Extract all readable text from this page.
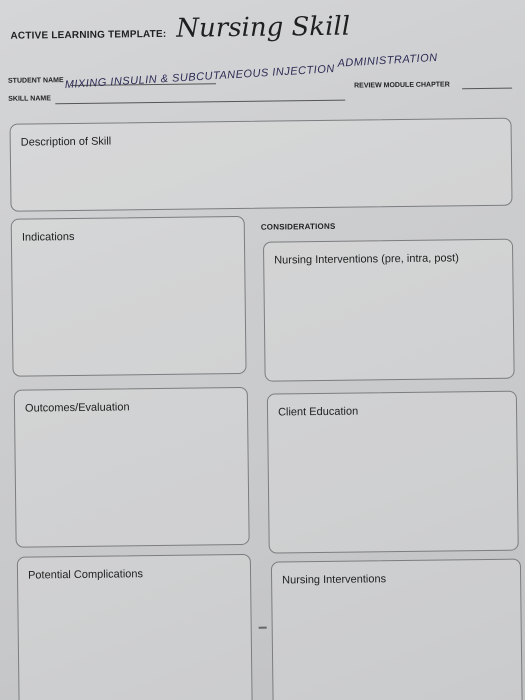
ACTIVE LEARNING TEMPLATE: Nursing Skill
STUDENT NAME
SKILL NAME
MIXING INSULIN & SUBCUTANEOUS INJECTION
ADMINISTRATION
REVIEW MODULE CHAPTER
Description of Skill
Indications
CONSIDERATIONS
Nursing Interventions (pre, intra, post)
Outcomes/Evaluation	Client Education
Potential Complications	Nursing Interventions
